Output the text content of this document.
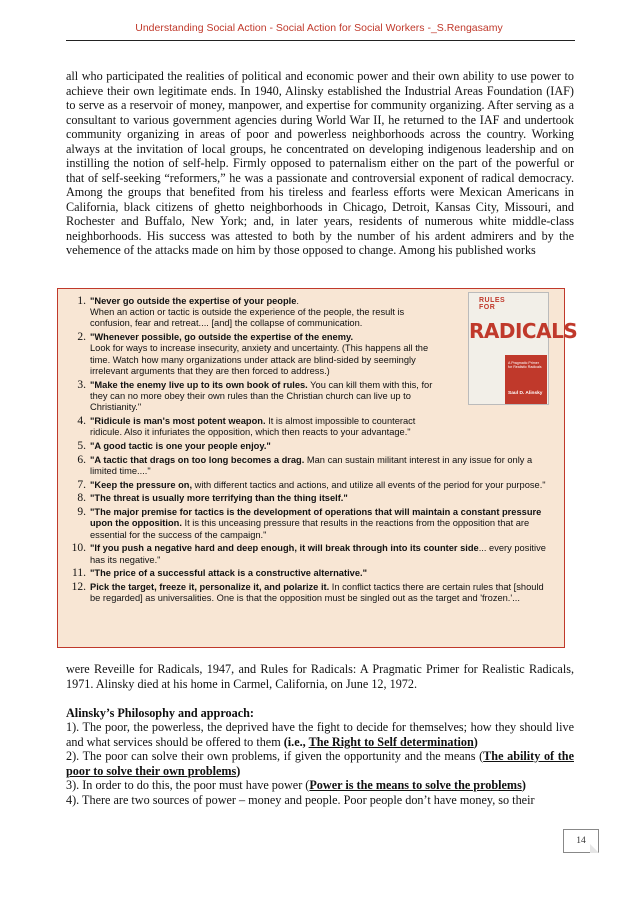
Understanding Social Action - Social Action for Social Workers -_S.Rengasamy

all who participated the realities of political and economic power and their own ability to use power to achieve their own legitimate ends. In 1940, Alinsky established the Industrial Areas Foundation (IAF) to serve as a reservoir of money, manpower, and expertise for community organizing. After serving as a consultant to various government agencies during World War II, he returned to the IAF and undertook community organizing in areas of poor and powerless neighborhoods across the country. Working always at the invitation of local groups, he concentrated on developing indigenous leadership and on instilling the notion of self-help. Firmly opposed to paternalism either on the part of the powerful or that of self-seeking “reformers,” he was a passionate and controversial exponent of radical democracy. Among the groups that benefited from his tireless and fearless efforts were Mexican Americans in California, black citizens of ghetto neighborhoods in Chicago, Detroit, Kansas City, Missouri, and Rochester and Buffalo, New York; and, in later years, residents of numerous white middle-class neighborhoods. His success was attested to both by the number of his ardent admirers and by the vehemence of the attacks made on him by those opposed to change. Among his published works

1. "Never go outside the expertise of your people.
When an action or tactic is outside the experience of the people, the result is confusion, fear and retreat.... [and] the collapse of communication.
2. "Whenever possible, go outside the expertise of the enemy.
Look for ways to increase insecurity, anxiety and uncertainty. (This happens all the time. Watch how many organizations under attack are blind-sided by seemingly irrelevant arguments that they are then forced to address.)
3. "Make the enemy live up to its own book of rules. You can kill them with this, for they can no more obey their own rules than the Christian church can live up to Christianity."
4. "Ridicule is man's most potent weapon. It is almost impossible to counteract ridicule. Also it infuriates the opposition, which then reacts to your advantage."
5. "A good tactic is one your people enjoy."
6. "A tactic that drags on too long becomes a drag. Man can sustain militant interest in any issue for only a limited time...."
7. "Keep the pressure on, with different tactics and actions, and utilize all events of the period for your purpose."
8. "The threat is usually more terrifying than the thing itself."
9. "The major premise for tactics is the development of operations that will maintain a constant pressure upon the opposition. It is this unceasing pressure that results in the reactions from the opposition that are essential for the success of the campaign."
10. "If you push a negative hard and deep enough, it will break through into its counter side... every positive has its negative."
11. "The price of a successful attack is a constructive alternative."
12. Pick the target, freeze it, personalize it, and polarize it. In conflict tactics there are certain rules that [should be regarded] as universalities. One is that the opposition must be singled out as the target and 'frozen.'...
RULES
FOR
RADICALS
A Pragmatic Primer for Realistic Radicals
Saul D. Alinsky
were Reveille for Radicals, 1947, and Rules for Radicals: A Pragmatic Primer for Realistic Radicals, 1971. Alinsky died at his home in Carmel, California, on June 12, 1972.
Alinsky’s Philosophy and approach:
1). The poor, the powerless, the deprived have the fight to decide for themselves; how they should live and what services should be offered to them (i.e., The Right to Self determination)
2). The poor can solve their own problems, if given the opportunity and the means (The ability of the poor to solve their own problems)
3). In order to do this, the poor must have power (Power is the means to solve the problems)
4). There are two sources of power – money and people. Poor people don’t have money, so their
14
